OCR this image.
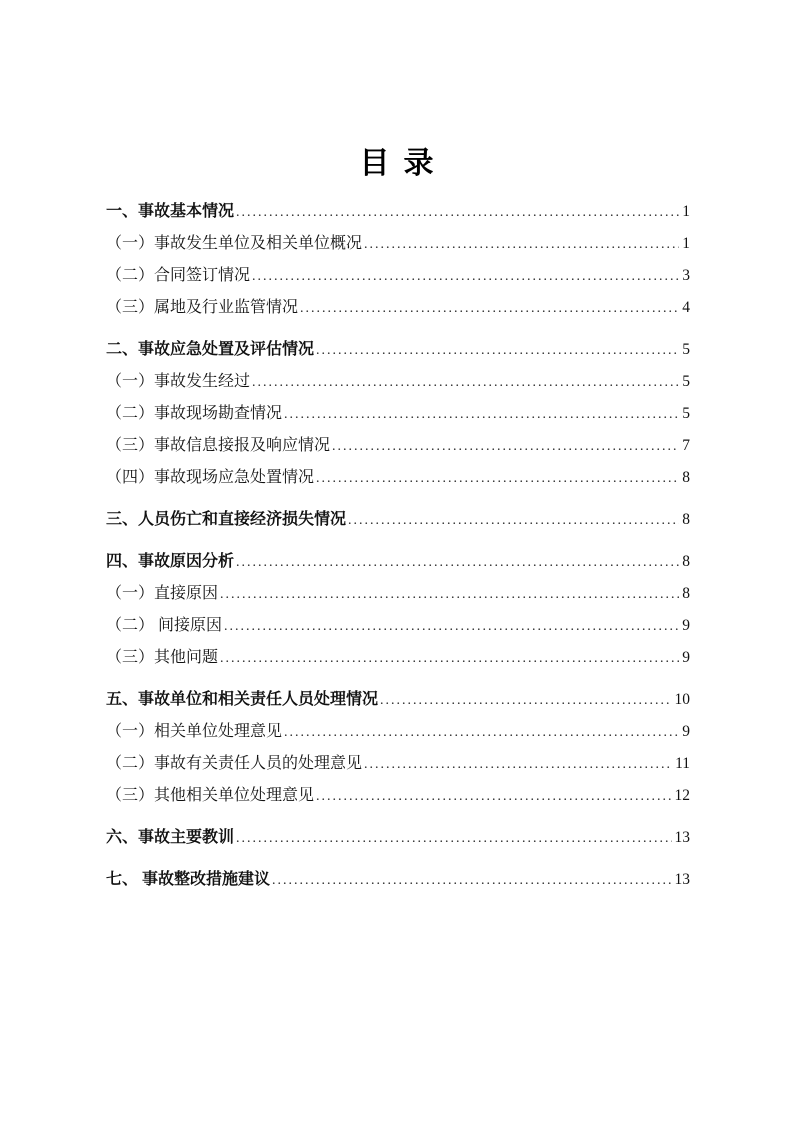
目录
一、事故基本情况 .....	1
（一）事故发生单位及相关单位概况 .....	1
（二）合同签订情况 .....	3
（三）属地及行业监管情况 .....	4
二、事故应急处置及评估情况 .....	5
（一）事故发生经过 .....	5
（二）事故现场勘查情况 .....	5
（三）事故信息接报及响应情况 .....	7
（四）事故现场应急处置情况 .....	8
三、人员伤亡和直接经济损失情况 .....	8
四、事故原因分析 .....	8
（一）直接原因 .....	8
（二） 间接原因 .....	9
（三）其他问题 .....	9
五、事故单位和相关责任人员处理情况 .....	10
（一）相关单位处理意见 .....	9
（二）事故有关责任人员的处理意见 .....	11
（三）其他相关单位处理意见 .....	12
六、事故主要教训 .....	13
七、 事故整改措施建议 .....	13
